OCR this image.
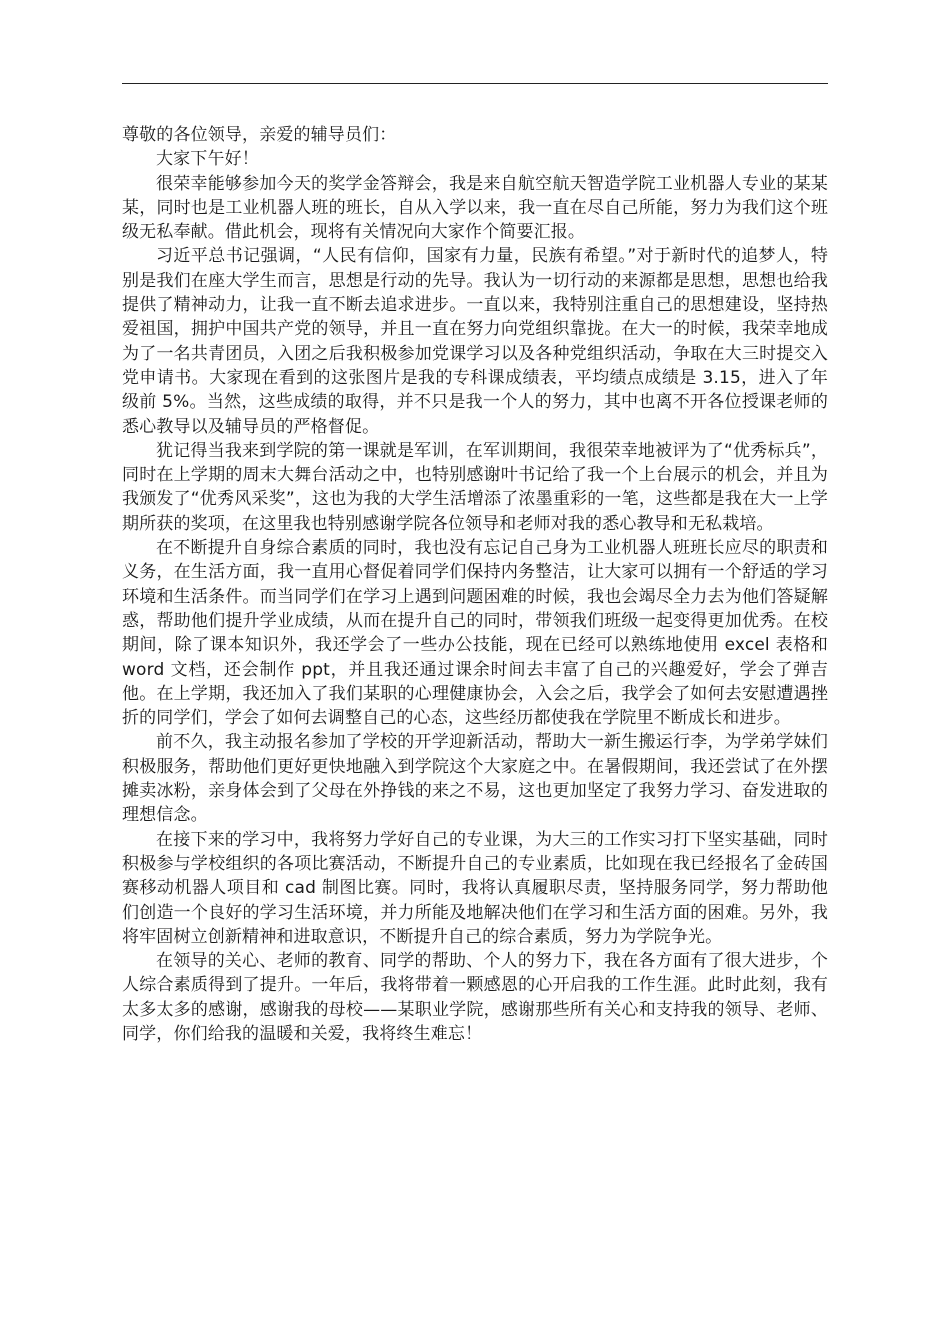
尊敬的各位领导，亲爱的辅导员们：

大家下午好！

很荣幸能够参加今天的奖学金答辩会，我是来自航空航天智造学院工业机器人专业的某某某，同时也是工业机器人班的班长，自从入学以来，我一直在尽自己所能，努力为我们这个班级无私奉献。借此机会，现将有关情况向大家作个简要汇报。

习近平总书记强调，“人民有信仰，国家有力量，民族有希望。”对于新时代的追梦人，特别是我们在座大学生而言，思想是行动的先导。我认为一切行动的来源都是思想，思想也给我提供了精神动力，让我一直不断去追求进步。一直以来，我特别注重自己的思想建设，坚持热爱祖国，拥护中国共产党的领导，并且一直在努力向党组织靠拢。在大一的时候，我荣幸地成为了一名共青团员，入团之后我积极参加党课学习以及各种党组织活动，争取在大三时提交入党申请书。大家现在看到的这张图片是我的专科课成绩表，平均绩点成绩是 3.15，进入了年级前 5%。当然，这些成绩的取得，并不只是我一个人的努力，其中也离不开各位授课老师的悉心教导以及辅导员的严格督促。

犹记得当我来到学院的第一课就是军训，在军训期间，我很荣幸地被评为了“优秀标兵”，同时在上学期的周末大舞台活动之中，也特别感谢叶书记给了我一个上台展示的机会，并且为我颁发了“优秀风采奖”，这也为我的大学生活增添了浓墨重彩的一笔，这些都是我在大一上学期所获的奖项，在这里我也特别感谢学院各位领导和老师对我的悉心教导和无私栽培。

在不断提升自身综合素质的同时，我也没有忘记自己身为工业机器人班班长应尽的职责和义务，在生活方面，我一直用心督促着同学们保持内务整洁，让大家可以拥有一个舒适的学习环境和生活条件。而当同学们在学习上遇到问题困难的时候，我也会竭尽全力去为他们答疑解惑，帮助他们提升学业成绩，从而在提升自己的同时，带领我们班级一起变得更加优秀。在校期间，除了课本知识外，我还学会了一些办公技能，现在已经可以熟练地使用 excel 表格和 word 文档，还会制作 ppt，并且我还通过课余时间去丰富了自己的兴趣爱好，学会了弹吉他。在上学期，我还加入了我们某职的心理健康协会，入会之后，我学会了如何去安慰遭遇挫折的同学们，学会了如何去调整自己的心态，这些经历都使我在学院里不断成长和进步。

前不久，我主动报名参加了学校的开学迎新活动，帮助大一新生搬运行李，为学弟学妹们积极服务，帮助他们更好更快地融入到学院这个大家庭之中。在暑假期间，我还尝试了在外摆摊卖冰粉，亲身体会到了父母在外挣钱的来之不易，这也更加坚定了我努力学习、奋发进取的理想信念。

在接下来的学习中，我将努力学好自己的专业课，为大三的工作实习打下坚实基础，同时积极参与学校组织的各项比赛活动，不断提升自己的专业素质，比如现在我已经报名了金砖国赛移动机器人项目和 cad 制图比赛。同时，我将认真履职尽责，坚持服务同学，努力帮助他们创造一个良好的学习生活环境，并力所能及地解决他们在学习和生活方面的困难。另外，我将牢固树立创新精神和进取意识，不断提升自己的综合素质，努力为学院争光。

在领导的关心、老师的教育、同学的帮助、个人的努力下，我在各方面有了很大进步，个人综合素质得到了提升。一年后，我将带着一颗感恩的心开启我的工作生涯。此时此刻，我有太多太多的感谢，感谢我的母校——某职业学院，感谢那些所有关心和支持我的领导、老师、同学，你们给我的温暖和关爱，我将终生难忘！
